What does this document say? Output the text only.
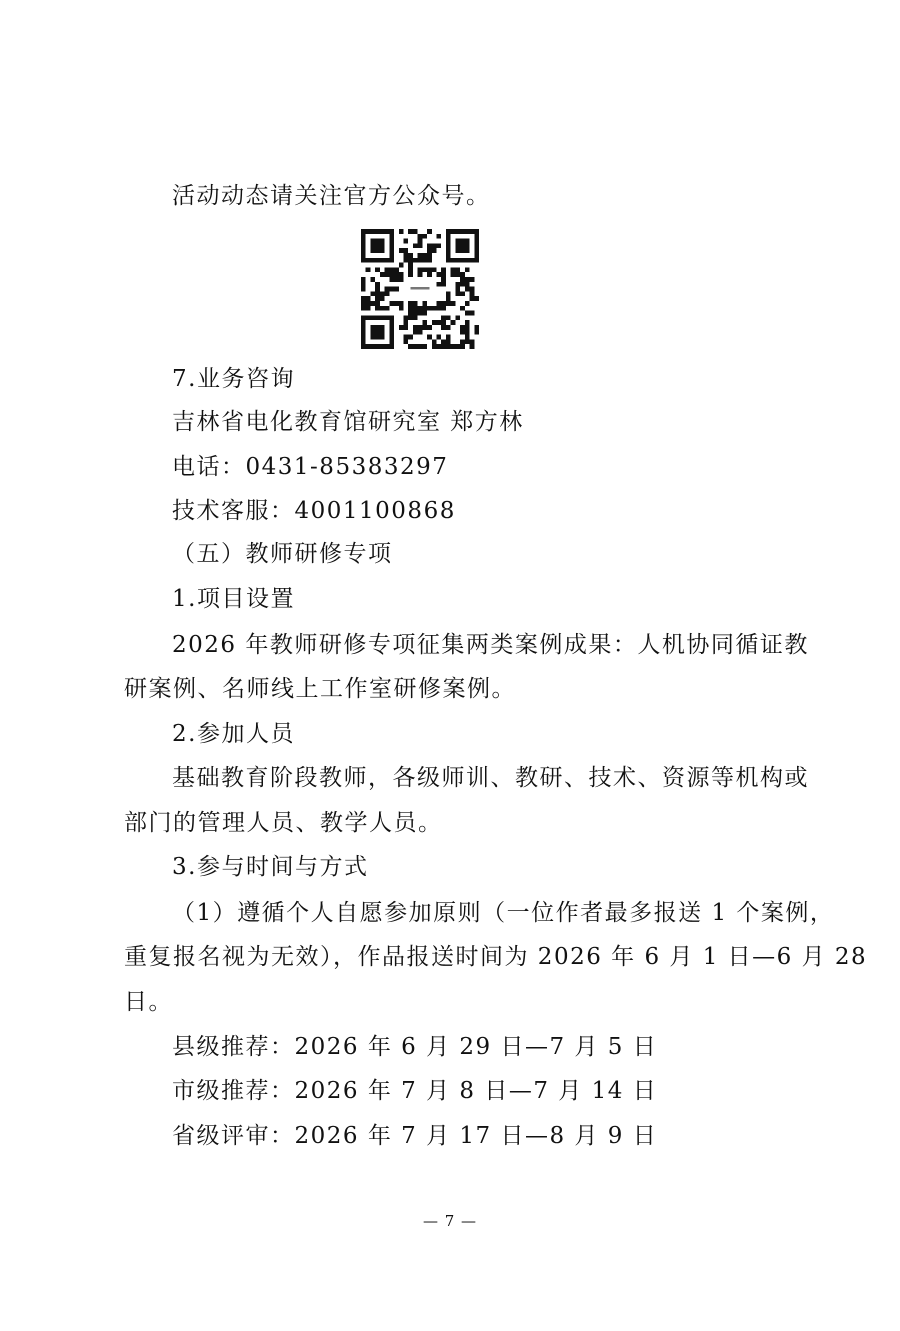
活动动态请关注官方公众号。
7.业务咨询
吉林省电化教育馆研究室 郑方林
电话：0431-85383297
技术客服：4001100868
（五）教师研修专项
1.项目设置
2026 年教师研修专项征集两类案例成果：人机协同循证教
研案例、名师线上工作室研修案例。
2.参加人员
基础教育阶段教师，各级师训、教研、技术、资源等机构或
部门的管理人员、教学人员。
3.参与时间与方式
（1）遵循个人自愿参加原则（一位作者最多报送 1 个案例，
重复报名视为无效），作品报送时间为 2026 年 6 月 1 日—6 月 28
日。
县级推荐：2026 年 6 月 29 日—7 月 5 日
市级推荐：2026 年 7 月 8 日—7 月 14 日
省级评审：2026 年 7 月 17 日—8 月 9 日
— 7 —
